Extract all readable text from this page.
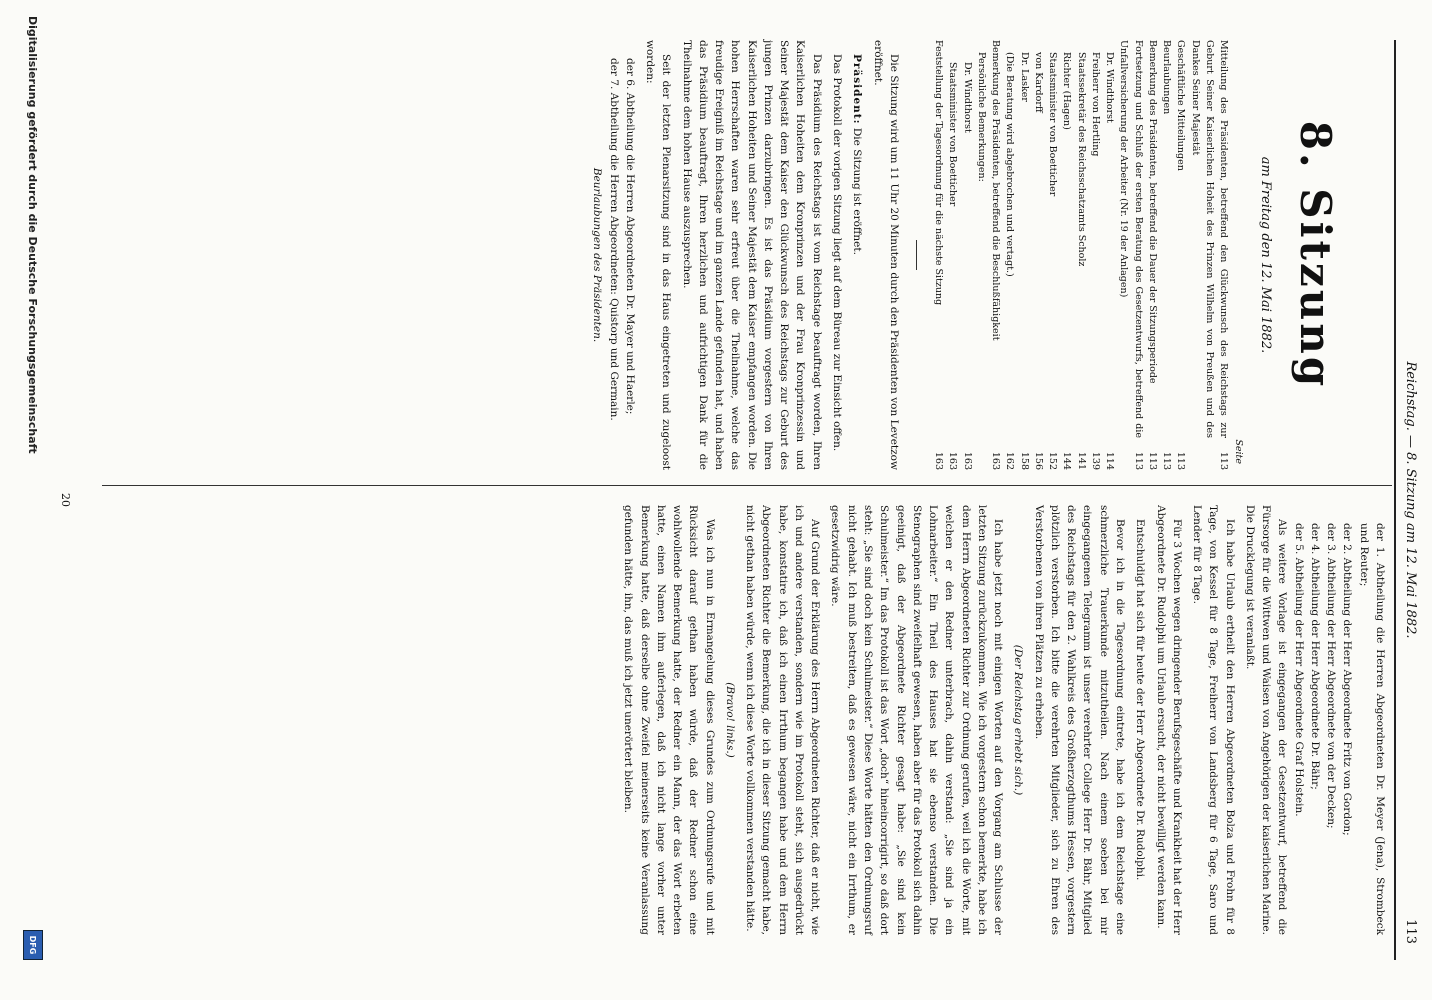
Reichstag. — 8. Sitzung am 12. Mai 1882.
113
8. Sitzung
am Freitag den 12. Mai 1882.
Seite
Mitteilung des Präsidenten, betreffend den Glückwunsch des Reichstags zur Geburt Seiner Kaiserlichen Hoheit des Prinzen Wilhelm von Preußen und des Dankes Seiner Majestät
113
Geschäftliche Mitteilungen
113
Beurlaubungen
113
Bemerkung des Präsidenten, betreffend die Dauer der Sitzungsperiode
113
Fortsetzung und Schluß der ersten Beratung des Gesetzentwurfs, betreffend die Unfallversicherung der Arbeiter (Nr. 19 der Anlagen)
113
Dr. Windthorst
114
Freiherr von Hertling
139
Staatssekretär des Reichsschatzamts Scholz
141
Richter (Hagen)
144
Staatsminister von Boetticher
152
von Kardorff
156
Dr. Lasker
158
(Die Beratung wird abgebrochen und vertagt.)
162
Bemerkung des Präsidenten, betreffend die Beschlußfähigkeit
163
Persönliche Bemerkungen:
Dr. Windthorst
163
Staatsminister von Boetticher
163
Feststellung der Tagesordnung für die nächste Sitzung
163

Die Sitzung wird um 11 Uhr 20 Minuten durch den Präsidenten von Levetzow eröffnet.

Präsident: Die Sitzung ist eröffnet.

Das Protokoll der vorigen Sitzung liegt auf dem Büreau zur Einsicht offen.

Das Präsidium des Reichstags ist vom Reichstage beauftragt worden, Ihren Kaiserlichen Hoheiten dem Kronprinzen und der Frau Kronprinzessin und Seiner Majestät dem Kaiser den Glückwunsch des Reichstags zur Geburt des jungen Prinzen darzubringen. Es ist das Präsidium vorgestern von Ihren Kaiserlichen Hoheiten und Seiner Majestät dem Kaiser empfangen worden. Die hohen Herrschaften waren sehr erfreut über die Theilnahme, welche das freudige Ereigniß im Reichstage und im ganzen Lande gefunden hat, und haben das Präsidium beauftragt, Ihren herzlichen und aufrichtigen Dank für die Theilnahme dem hohen Hause auszusprechen.

Seit der letzten Plenarsitzung sind in das Haus eingetreten und zugeloost worden:

der 6. Abtheilung die Herren Abgeordneten Dr. Mayer und Haerle;

der 7. Abtheilung die Herren Abgeordneten: Quistorp und Germain.

Beurlaubungen des Präsidenten.

der 1. Abtheilung die Herren Abgeordneten Dr. Meyer (Jena), Strombeck und Reuter;

der 2. Abtheilung der Herr Abgeordnete Fritz von Gordon;

der 3. Abtheilung der Herr Abgeordnete von der Decken;

der 4. Abtheilung der Herr Abgeordnete Dr. Bähr;

der 5. Abtheilung der Herr Abgeordnete Graf Holstein.

Als weitere Vorlage ist eingegangen der Gesetzentwurf, betreffend die Fürsorge für die Wittwen und Waisen von Angehörigen der kaiserlichen Marine. Die Drucklegung ist veranlaßt.

Ich habe Urlaub ertheilt den Herren Abgeordneten Bolza und Frohn für 8 Tage, von Kessel für 8 Tage, Freiherr von Landsberg für 6 Tage, Saro und Lender für 8 Tage.

Für 3 Wochen wegen dringender Berufsgeschäfte und Krankheit hat der Herr Abgeordnete Dr. Rudolphi um Urlaub ersucht, der nicht bewilligt werden kann.

Entschuldigt hat sich für heute der Herr Abgeordnete Dr. Rudolphi.

Bevor ich in die Tagesordnung eintrete, habe ich dem Reichstage eine schmerzliche Trauerkunde mitzutheilen. Nach einem soeben bei mir eingegangenen Telegramm ist unser verehrter College Herr Dr. Bähr, Mitglied des Reichstags für den 2. Wahlkreis des Großherzogthums Hessen, vorgestern plötzlich verstorben. Ich bitte die verehrten Mitglieder, sich zu Ehren des Verstorbenen von ihren Plätzen zu erheben.

(Der Reichstag erhebt sich.)

Ich habe jetzt noch mit einigen Worten auf den Vorgang am Schlusse der letzten Sitzung zurückzukommen. Wie ich vorgestern schon bemerkte, habe ich dem Herrn Abgeordneten Richter zur Ordnung gerufen, weil ich die Worte, mit welchen er den Redner unterbrach, dahin verstand: „Sie sind ja ein Lohnarbeiter.“ Ein Theil des Hauses hat sie ebenso verstanden. Die Stenographen sind zweifelhaft gewesen, haben aber für das Protokoll sich dahin geeinigt, daß der Abgeordnete Richter gesagt habe: „Sie sind kein Schulmeister.“ Im das Protokoll ist das Wort „doch“ hineincorrigirt, so daß dort steht: „Sie sind doch kein Schulmeister.“ Diese Worte hätten den Ordnungsruf nicht gehabt. Ich muß bestreiten, daß es gewesen wäre, nicht ein Irrthum, er gesetzwidrig wäre.

Auf Grund der Erklärung des Herrn Abgeordneten Richter, daß er nicht, wie ich und andere verstanden, sondern wie im Protokoll steht, sich ausgedrückt habe, konstatire ich, daß ich einen Irrthum begangen habe und dem Herrn Abgeordneten Richter die Bemerkung, die ich in dieser Sitzung gemacht habe, nicht gethan haben würde, wenn ich diese Worte vollkommen verstanden hätte.

(Bravo! links.)

Was ich nun in Ermangelung dieses Grundes zum Ordnungsrufe und mit Rücksicht darauf gethan haben würde, daß der Redner schon eine wohlwollende Bemerkung hatte, der Redner ein Mann, der das Wort erbeten hatte, einen Namen ihm auferlegen, daß ich nicht lange vorher unter Bemerkung hatte, daß derselbe ohne Zweifel meinerseits keine Veranlassung gefunden hätte, ihn, das muß ich jetzt unerörtert bleiben.

20
Digitalisierung gefördert durch die Deutsche Forschungsgemeinschaft
DFG
